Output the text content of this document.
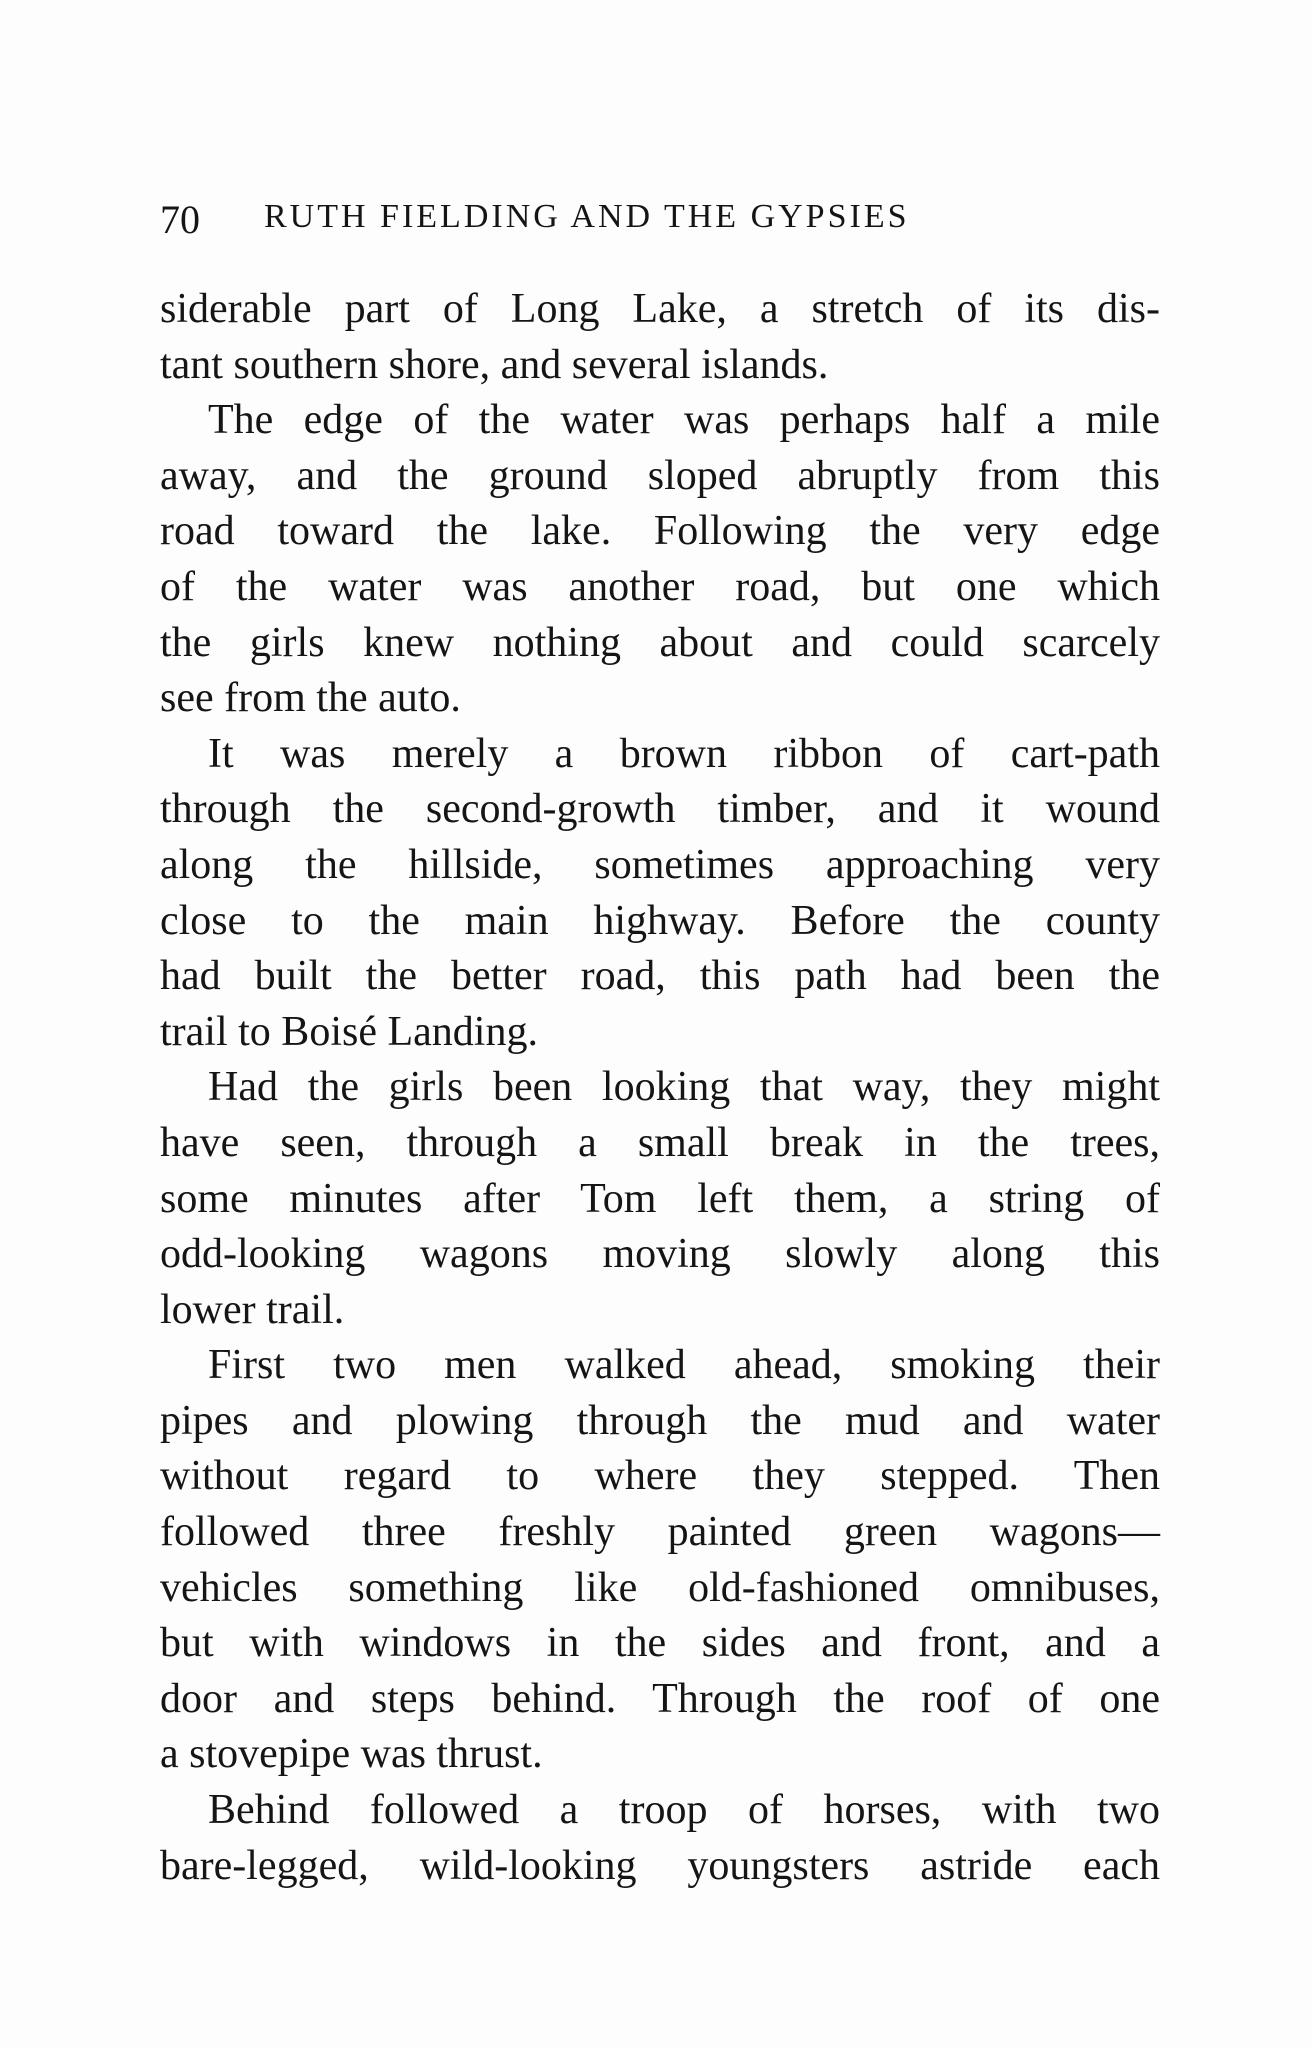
70 RUTH FIELDING AND THE GYPSIES
siderable part of Long Lake, a stretch of its dis-
tant southern shore, and several islands.
The edge of the water was perhaps half a mile
away, and the ground sloped abruptly from this
road toward the lake. Following the very edge
of the water was another road, but one which
the girls knew nothing about and could scarcely
see from the auto.
It was merely a brown ribbon of cart-path
through the second-growth timber, and it wound
along the hillside, sometimes approaching very
close to the main highway. Before the county
had built the better road, this path had been the
trail to Boisé Landing.
Had the girls been looking that way, they might
have seen, through a small break in the trees,
some minutes after Tom left them, a string of
odd-looking wagons moving slowly along this
lower trail.
First two men walked ahead, smoking their
pipes and plowing through the mud and water
without regard to where they stepped. Then
followed three freshly painted green wagons—
vehicles something like old-fashioned omnibuses,
but with windows in the sides and front, and a
door and steps behind. Through the roof of one
a stovepipe was thrust.
Behind followed a troop of horses, with two
bare-legged, wild-looking youngsters astride each
